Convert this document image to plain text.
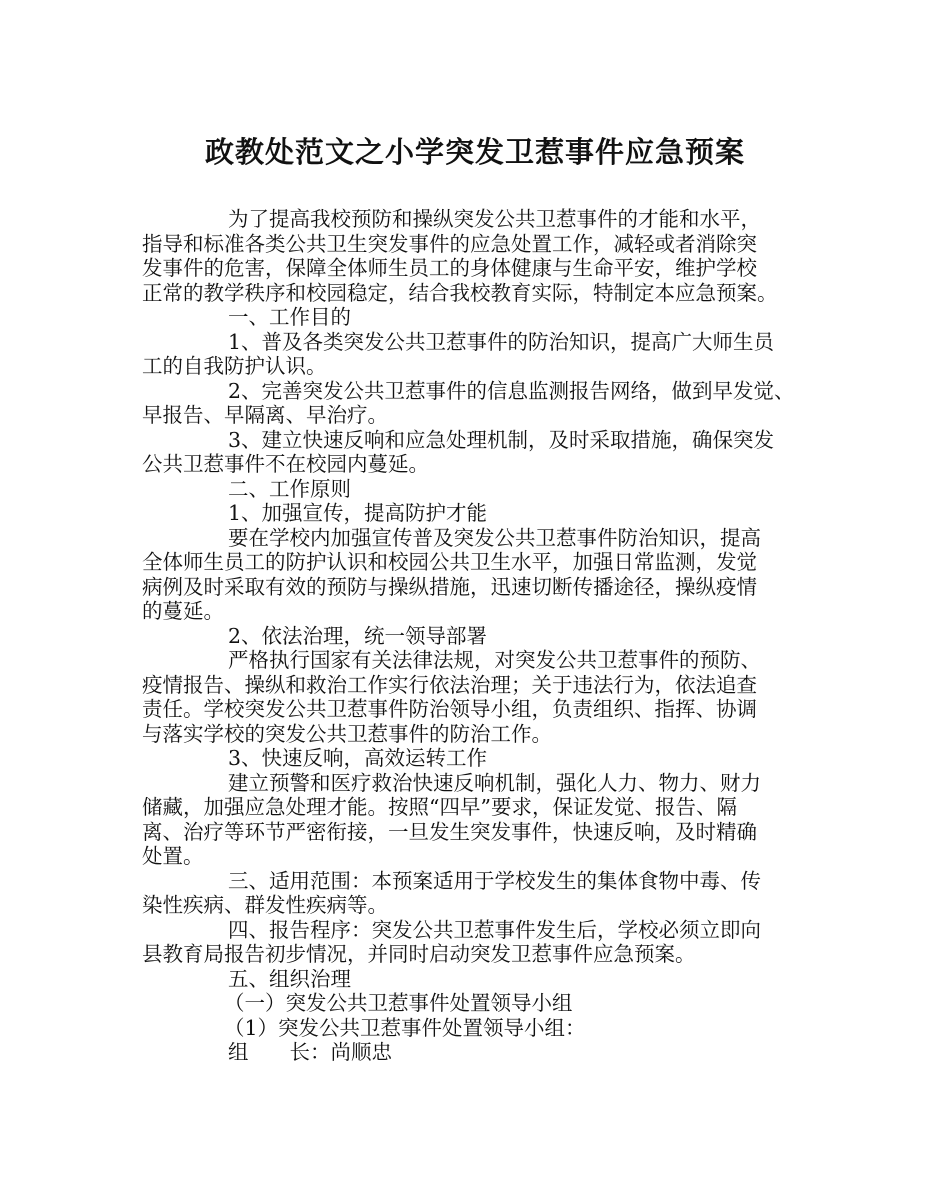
政教处范文之小学突发卫惹事件应急预案
为了提高我校预防和操纵突发公共卫惹事件的才能和水平，
指导和标准各类公共卫生突发事件的应急处置工作，减轻或者消除突
发事件的危害，保障全体师生员工的身体健康与生命平安，维护学校
正常的教学秩序和校园稳定，结合我校教育实际，特制定本应急预案。
一、工作目的
1、普及各类突发公共卫惹事件的防治知识，提高广大师生员
工的自我防护认识。
2、完善突发公共卫惹事件的信息监测报告网络，做到早发觉、
早报告、早隔离、早治疗。
3、建立快速反响和应急处理机制，及时采取措施，确保突发
公共卫惹事件不在校园内蔓延。
二、工作原则
1、加强宣传，提高防护才能
要在学校内加强宣传普及突发公共卫惹事件防治知识，提高
全体师生员工的防护认识和校园公共卫生水平，加强日常监测，发觉
病例及时采取有效的预防与操纵措施，迅速切断传播途径，操纵疫情
的蔓延。
2、依法治理，统一领导部署
严格执行国家有关法律法规，对突发公共卫惹事件的预防、
疫情报告、操纵和救治工作实行依法治理；关于违法行为，依法追查
责任。学校突发公共卫惹事件防治领导小组，负责组织、指挥、协调
与落实学校的突发公共卫惹事件的防治工作。
3、快速反响，高效运转工作
建立预警和医疗救治快速反响机制，强化人力、物力、财力
储藏，加强应急处理才能。按照“四早”要求，保证发觉、报告、隔
离、治疗等环节严密衔接，一旦发生突发事件，快速反响，及时精确
处置。
三、适用范围：本预案适用于学校发生的集体食物中毒、传
染性疾病、群发性疾病等。
四、报告程序：突发公共卫惹事件发生后，学校必须立即向
县教育局报告初步情况，并同时启动突发卫惹事件应急预案。
五、组织治理
（一）突发公共卫惹事件处置领导小组
（1）突发公共卫惹事件处置领导小组：
组　　长：尚顺忠
